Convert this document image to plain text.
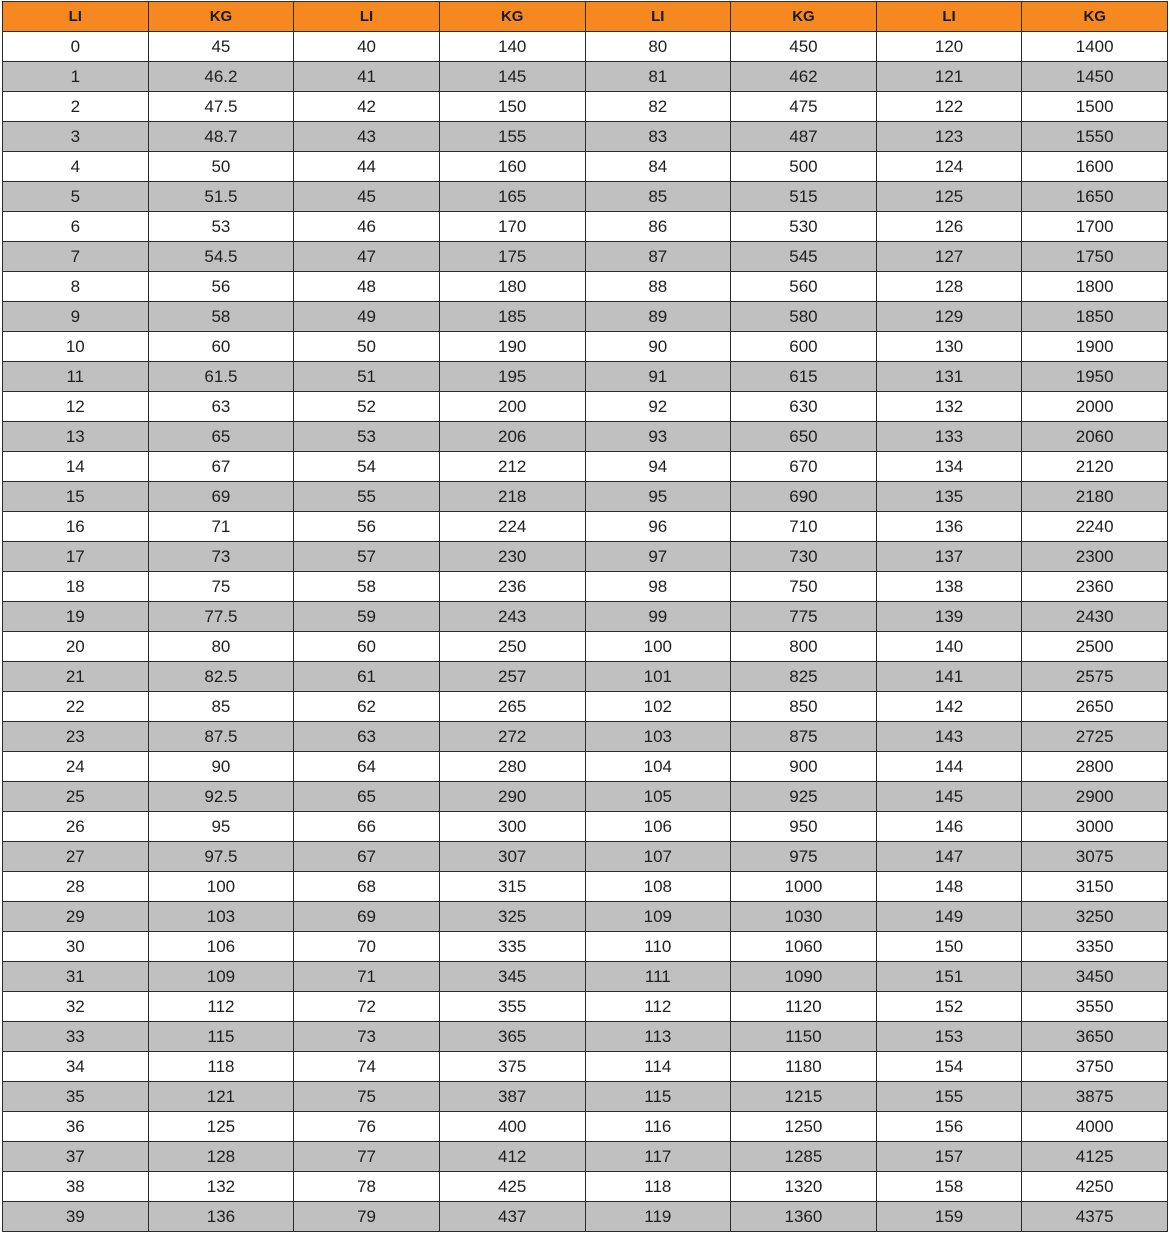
LI	KG	LI	KG	LI	KG	LI	KG
0	45	40	140	80	450	120	1400
1	46.2	41	145	81	462	121	1450
2	47.5	42	150	82	475	122	1500
3	48.7	43	155	83	487	123	1550
4	50	44	160	84	500	124	1600
5	51.5	45	165	85	515	125	1650
6	53	46	170	86	530	126	1700
7	54.5	47	175	87	545	127	1750
8	56	48	180	88	560	128	1800
9	58	49	185	89	580	129	1850
10	60	50	190	90	600	130	1900
11	61.5	51	195	91	615	131	1950
12	63	52	200	92	630	132	2000
13	65	53	206	93	650	133	2060
14	67	54	212	94	670	134	2120
15	69	55	218	95	690	135	2180
16	71	56	224	96	710	136	2240
17	73	57	230	97	730	137	2300
18	75	58	236	98	750	138	2360
19	77.5	59	243	99	775	139	2430
20	80	60	250	100	800	140	2500
21	82.5	61	257	101	825	141	2575
22	85	62	265	102	850	142	2650
23	87.5	63	272	103	875	143	2725
24	90	64	280	104	900	144	2800
25	92.5	65	290	105	925	145	2900
26	95	66	300	106	950	146	3000
27	97.5	67	307	107	975	147	3075
28	100	68	315	108	1000	148	3150
29	103	69	325	109	1030	149	3250
30	106	70	335	110	1060	150	3350
31	109	71	345	111	1090	151	3450
32	112	72	355	112	1120	152	3550
33	115	73	365	113	1150	153	3650
34	118	74	375	114	1180	154	3750
35	121	75	387	115	1215	155	3875
36	125	76	400	116	1250	156	4000
37	128	77	412	117	1285	157	4125
38	132	78	425	118	1320	158	4250
39	136	79	437	119	1360	159	4375
